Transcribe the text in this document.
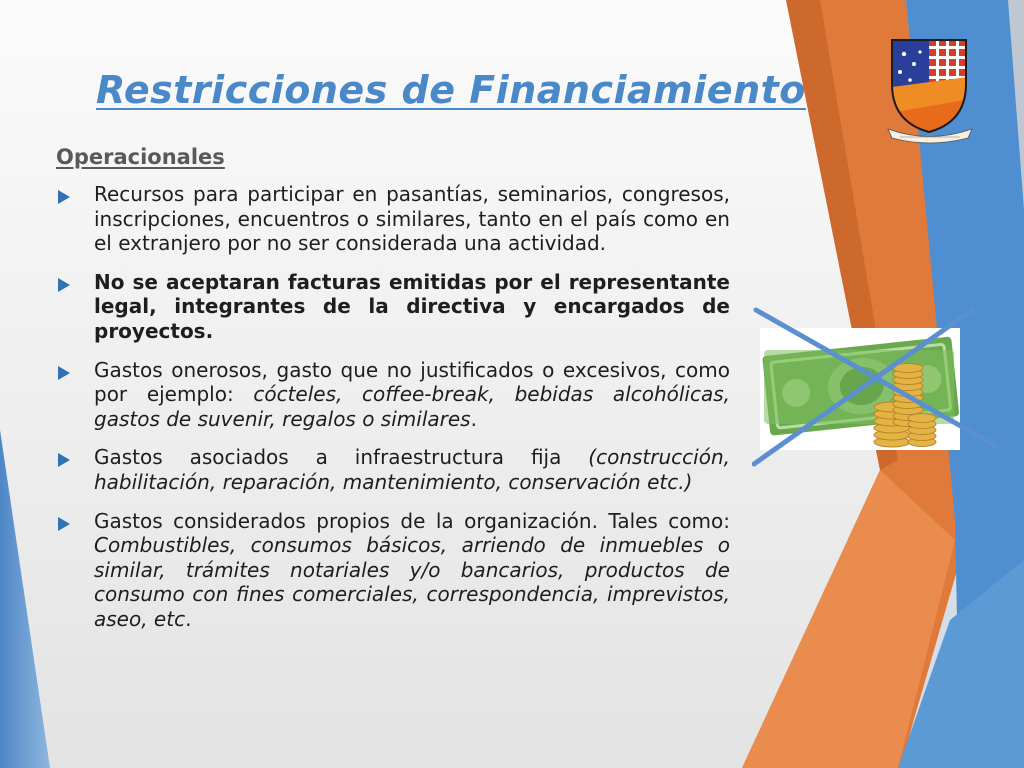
Restricciones de Financiamiento
Operacionales
Recursos para participar en pasantías, seminarios, congresos, inscripciones, encuentros o similares, tanto en el país como en el extranjero por no ser considerada una actividad.
No se aceptaran facturas emitidas por el representante legal, integrantes de la directiva y encargados de proyectos.
Gastos onerosos, gasto que no justificados o excesivos, como por ejemplo: cócteles, coffee-break, bebidas alcohólicas, gastos de suvenir, regalos o similares.
Gastos asociados a infraestructura fija (construcción, habilitación, reparación, mantenimiento, conservación etc.)
Gastos considerados propios de la organización. Tales como: Combustibles, consumos básicos, arriendo de inmuebles o similar, trámites notariales y/o bancarios, productos de consumo con fines comerciales, correspondencia, imprevistos, aseo, etc.
